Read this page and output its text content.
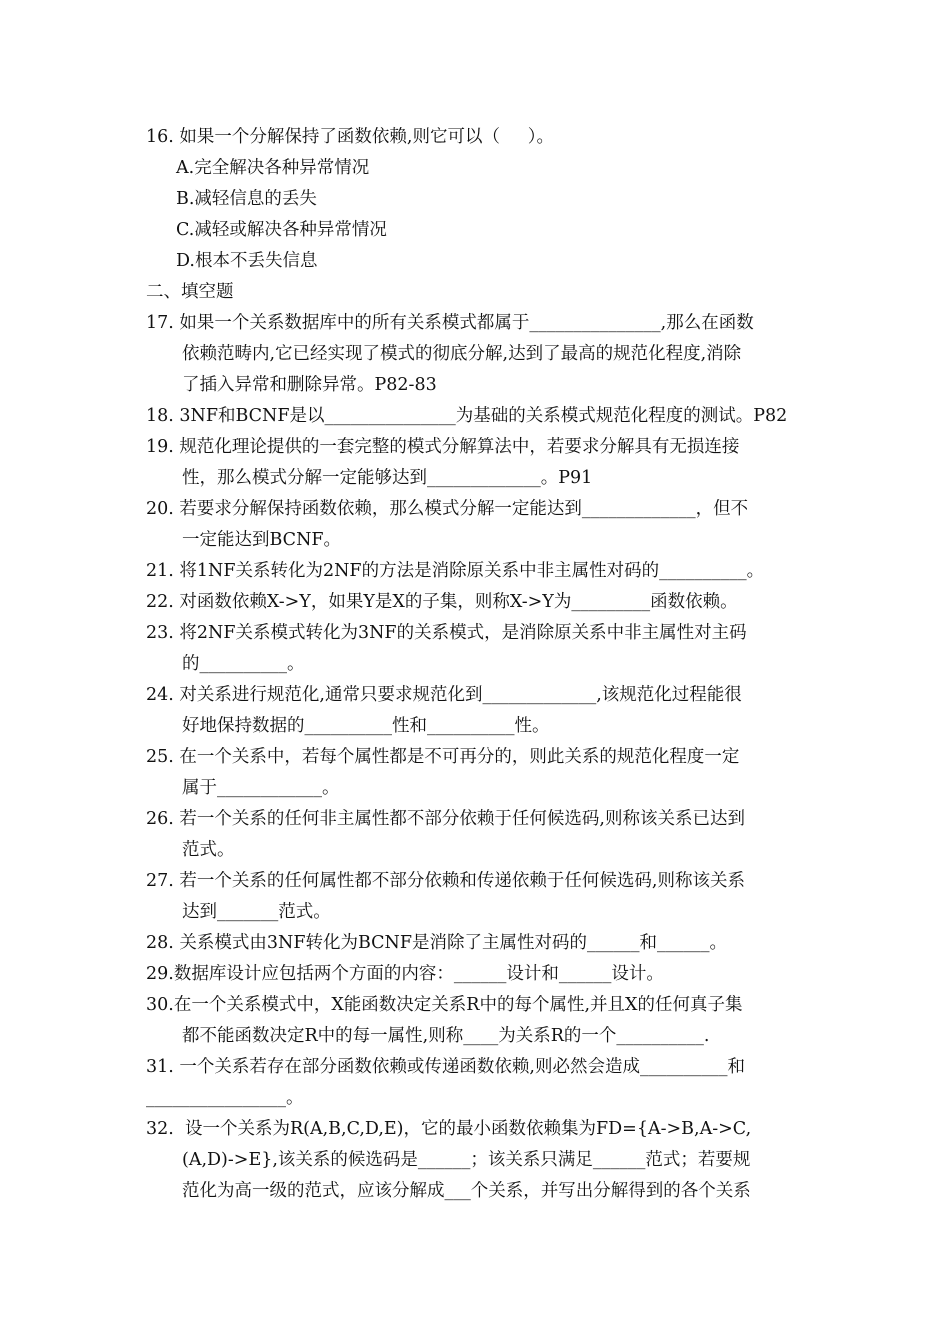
16. 如果一个分解保持了函数依赖,则它可以（     ）。
A.完全解决各种异常情况
B.减轻信息的丢失
C.减轻或解决各种异常情况
D.根本不丢失信息
二、填空题
17. 如果一个关系数据库中的所有关系模式都属于_______________,那么在函数
依赖范畴内,它已经实现了模式的彻底分解,达到了最高的规范化程度,消除
了插入异常和删除异常。P82-83
18. 3NF和BCNF是以_______________为基础的关系模式规范化程度的测试。P82
19. 规范化理论提供的一套完整的模式分解算法中，若要求分解具有无损连接
性，那么模式分解一定能够达到_____________。P91
20. 若要求分解保持函数依赖，那么模式分解一定能达到_____________，但不
一定能达到BCNF。
21. 将1NF关系转化为2NF的方法是消除原关系中非主属性对码的__________。
22. 对函数依赖X->Y，如果Y是X的子集，则称X->Y为_________函数依赖。
23. 将2NF关系模式转化为3NF的关系模式，是消除原关系中非主属性对主码
的__________。
24. 对关系进行规范化,通常只要求规范化到_____________,该规范化过程能很
好地保持数据的__________性和__________性。
25. 在一个关系中，若每个属性都是不可再分的，则此关系的规范化程度一定
属于____________。
26. 若一个关系的任何非主属性都不部分依赖于任何候选码,则称该关系已达到
范式。
27. 若一个关系的任何属性都不部分依赖和传递依赖于任何候选码,则称该关系
达到_______范式。
28. 关系模式由3NF转化为BCNF是消除了主属性对码的______和______。
29.数据库设计应包括两个方面的内容：______设计和______设计。
30.在一个关系模式中，X能函数决定关系R中的每个属性,并且X的任何真子集
都不能函数决定R中的每一属性,则称____为关系R的一个__________.
31. 一个关系若存在部分函数依赖或传递函数依赖,则必然会造成__________和
________________。
32.  设一个关系为R(A,B,C,D,E)，它的最小函数依赖集为FD={A->B,A->C,
(A,D)->E},该关系的候选码是______；该关系只满足______范式；若要规
范化为高一级的范式，应该分解成___个关系，并写出分解得到的各个关系
